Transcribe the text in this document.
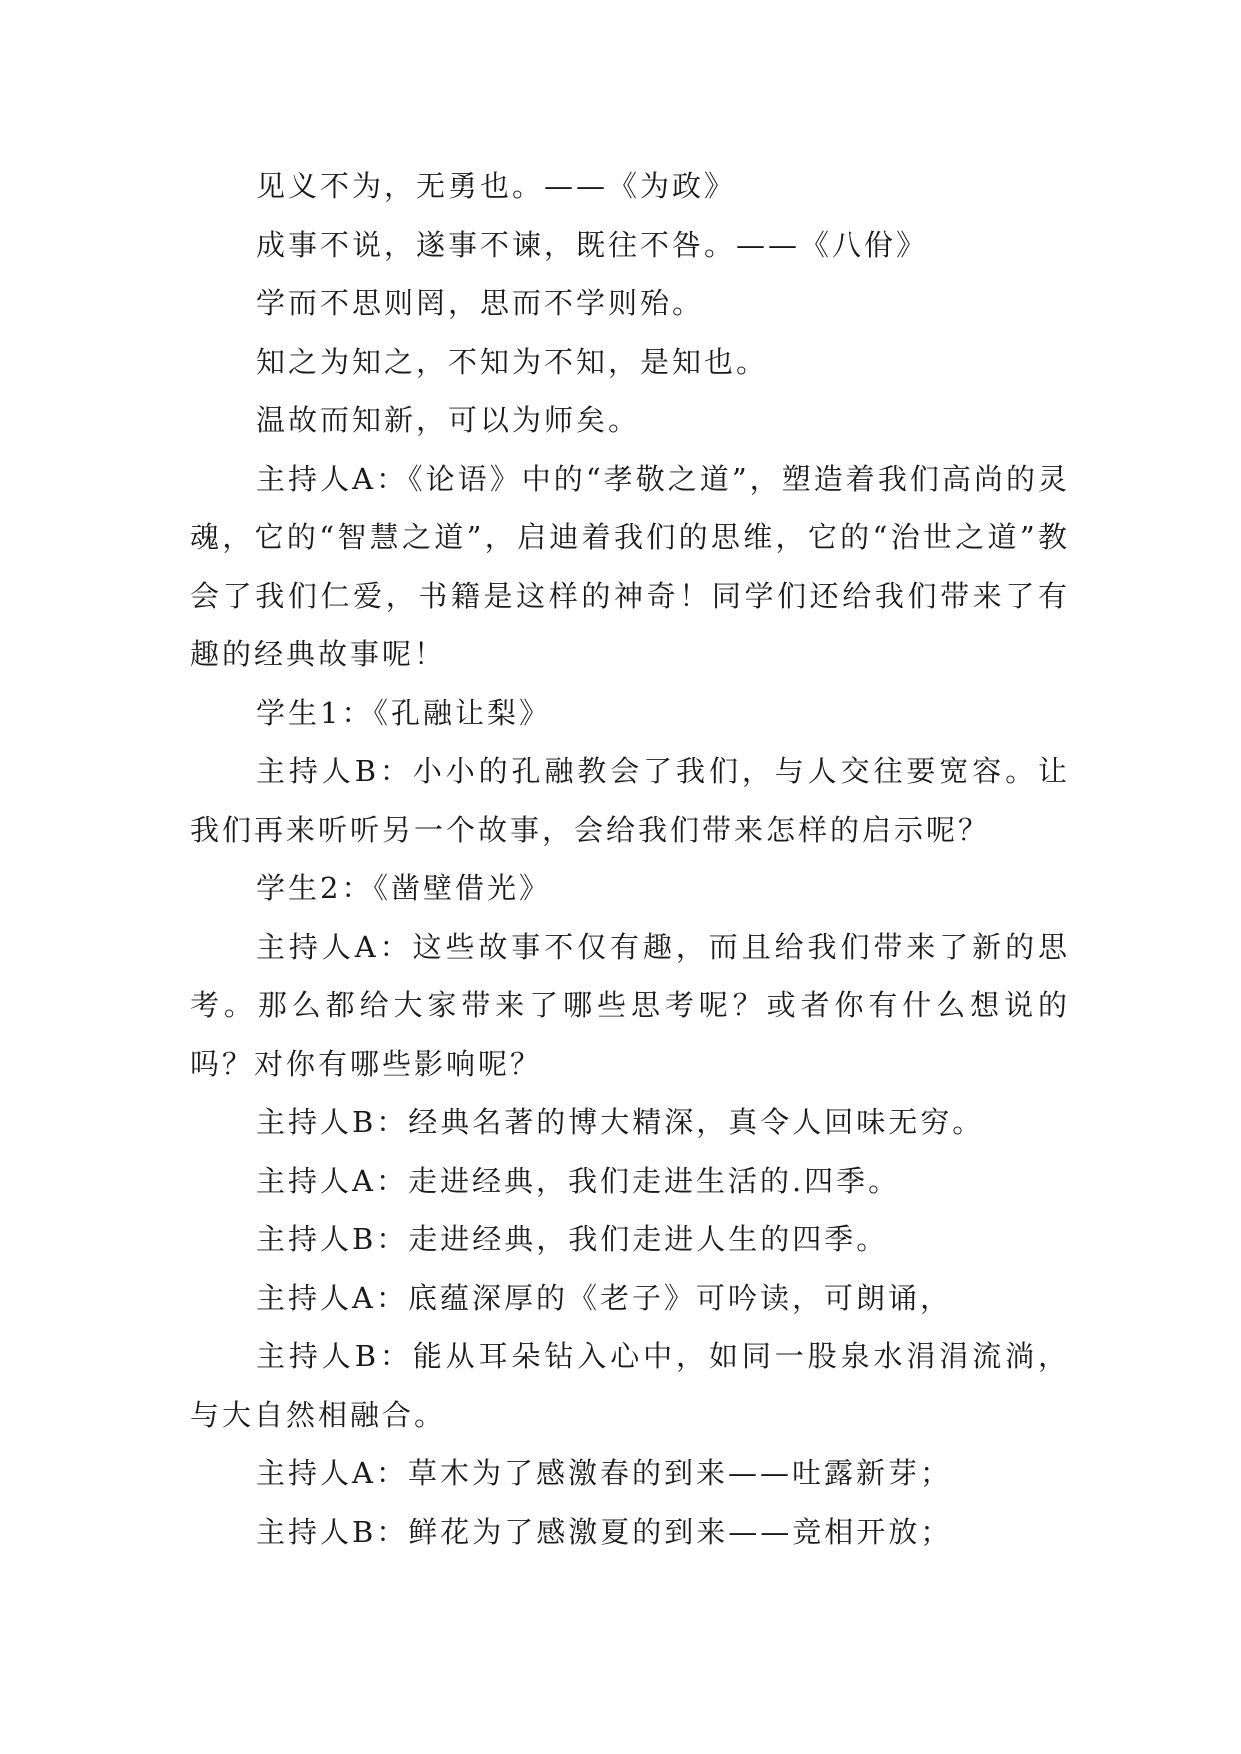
见义不为，无勇也。——《为政》

成事不说，遂事不谏，既往不咎。——《八佾》

学而不思则罔，思而不学则殆。

知之为知之，不知为不知，是知也。

温故而知新，可以为师矣。

主持人A：《论语》中的“孝敬之道”，塑造着我们高尚的灵魂，它的“智慧之道”，启迪着我们的思维，它的“治世之道”教会了我们仁爱，书籍是这样的神奇！同学们还给我们带来了有趣的经典故事呢！

学生1：《孔融让梨》

主持人B：小小的孔融教会了我们，与人交往要宽容。让我们再来听听另一个故事，会给我们带来怎样的启示呢？

学生2：《凿壁借光》

主持人A：这些故事不仅有趣，而且给我们带来了新的思考。那么都给大家带来了哪些思考呢？或者你有什么想说的吗？对你有哪些影响呢？

主持人B：经典名著的博大精深，真令人回味无穷。

主持人A：走进经典，我们走进生活的.四季。

主持人B：走进经典，我们走进人生的四季。

主持人A：底蕴深厚的《老子》可吟读，可朗诵，

主持人B：能从耳朵钻入心中，如同一股泉水涓涓流淌，与大自然相融合。

主持人A：草木为了感激春的到来——吐露新芽；

主持人B：鲜花为了感激夏的到来——竞相开放；
